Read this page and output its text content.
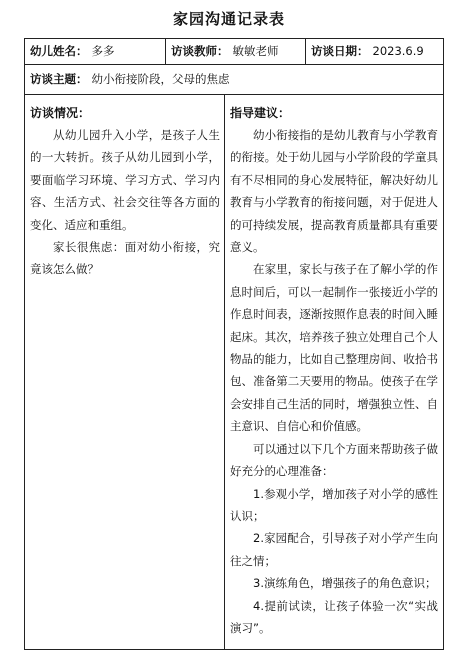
家园沟通记录表
幼儿姓名： 多多	访谈教师： 敏敏老师	访谈日期： 2023.6.9
访谈主题： 幼小衔接阶段，父母的焦虑
访谈情况：

从幼儿园升入小学，是孩子人生的一大转折。孩子从幼儿园到小学，要面临学习环境、学习方式、学习内容、生活方式、社会交往等各方面的变化、适应和重组。

家长很焦虑：面对幼小衔接，究竟该怎么做？

指导建议：

幼小衔接指的是幼儿教育与小学教育的衔接。处于幼儿园与小学阶段的学童具有不尽相同的身心发展特征，解决好幼儿教育与小学教育的衔接问题，对于促进人的可持续发展，提高教育质量都具有重要意义。

在家里，家长与孩子在了解小学的作息时间后，可以一起制作一张接近小学的作息时间表，逐渐按照作息表的时间入睡起床。其次，培养孩子独立处理自己个人物品的能力，比如自己整理房间、收拾书包、准备第二天要用的物品。使孩子在学会安排自己生活的同时，增强独立性、自主意识、自信心和价值感。

可以通过以下几个方面来帮助孩子做好充分的心理准备：

1.参观小学，增加孩子对小学的感性认识；

2.家园配合，引导孩子对小学产生向往之情；

3.演练角色，增强孩子的角色意识；

4.提前试读，让孩子体验一次“实战演习”。
